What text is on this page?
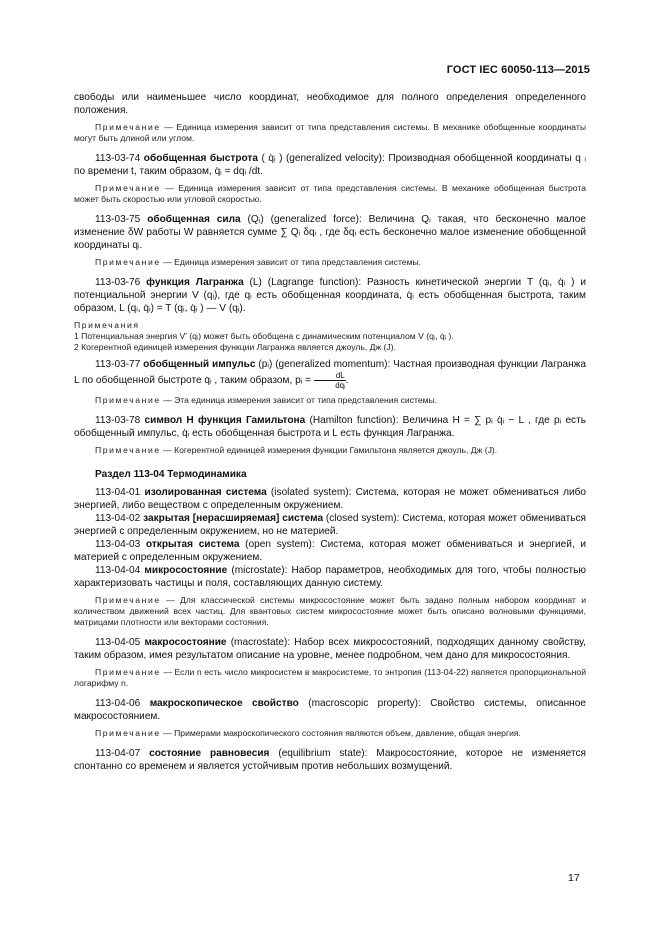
ГОСТ IEC 60050-113—2015

свободы или наименьшее число координат, необходимое для полного определения определенного положения.

Примечание — Единица измерения зависит от типа представления системы. В механике обобщенные координаты могут быть длиной или углом.

113-03-74 обобщенная быстрота ( q̇ᵢ ) (generalized velocity): Производная обобщенной координаты q ᵢ по времени t, таким образом, q̇ᵢ = dqᵢ /dt.

Примечание — Единица измерения зависит от типа представления системы. В механике обобщенная быстрота может быть скоростью или угловой скоростью.

113-03-75 обобщенная сила (Qᵢ) (generalized force): Величина Qᵢ такая, что бесконечно малое изменение δW работы W равняется сумме ∑ Qᵢ δqᵢ , где δqᵢ есть бесконечно малое изменение обобщенной координаты qᵢ.

Примечание — Единица измерения зависит от типа представления системы.

113-03-76 функция Лагранжа (L) (Lagrange function): Разность кинетической энергии T (qᵢ, q̇ᵢ ) и потенциальной энергии V (qᵢ), где qᵢ есть обобщенная координата, q̇ᵢ есть обобщенная быстрота, таким образом, L (qᵢ, q̇ᵢ) = T (qᵢ, q̇ᵢ ) — V (qᵢ).

Примечания

1 Потенциальная энергия V' (qᵢ) может быть обобщена с динамическим потенциалом V (qᵢ, q̇ᵢ ).

2 Когерентной единицей измерения функции Лагранжа является джоуль, Дж (J).

113-03-77 обобщенный импульс (pᵢ) (generalized momentum): Частная производная функции Лагранжа L по обобщенной быстроте q̇ᵢ , таким образом, pᵢ = $\frac{dL}{\text{dq̇ᵢ}}$ .

Примечание — Эта единица измерения зависит от типа представления системы.

113-03-78 символ H функция Гамильтона (Hamilton function): Величина H = ∑ pᵢ q̇ᵢ − L , где pᵢ есть обобщенный импульс, q̇ᵢ есть обобщенная быстрота и L есть функция Лагранжа.

Примечание — Когерентной единицей измерения функции Гамильтона является джоуль, Дж (J).

Раздел 113-04 Термодинамика

113-04-01 изолированная система (isolated system): Система, которая не может обмениваться либо энергией, либо веществом с определенным окружением.

113-04-02 закрытая [нерасширяемая] система (closed system): Система, которая может обмениваться энергией с определенным окружением, но не материей.

113-04-03 открытая система (open system): Система, которая может обмениваться и энергией, и материей с определенным окружением.

113-04-04 микросостояние (microstate): Набор параметров, необходимых для того, чтобы полностью характеризовать частицы и поля, составляющих данную систему.

Примечание — Для классической системы микросостояние может быть задано полным набором координат и количеством движений всех частиц. Для квантовых систем микросостояние может быть описано волновыми функциями, матрицами плотности или векторами состояния.

113-04-05 макросостояние (macrostate): Набор всех микросостояний, подходящих данному свойству, таким образом, имея результатом описание на уровне, менее подробном, чем дано для микросостояния.

Примечание — Если n есть число микросистем в макросистеме, то энтропия (113-04-22) является пропорциональной логарифму n.

113-04-06 макроскопическое свойство (macroscopic property): Свойство системы, описанное макросостоянием.

Примечание — Примерами макроскопического состояния являются объем, давление, общая энергия.

113-04-07 состояние равновесия (equilibrium state): Макросостояние, которое не изменяется спонтанно со временем и является устойчивым против небольших возмущений.

17
